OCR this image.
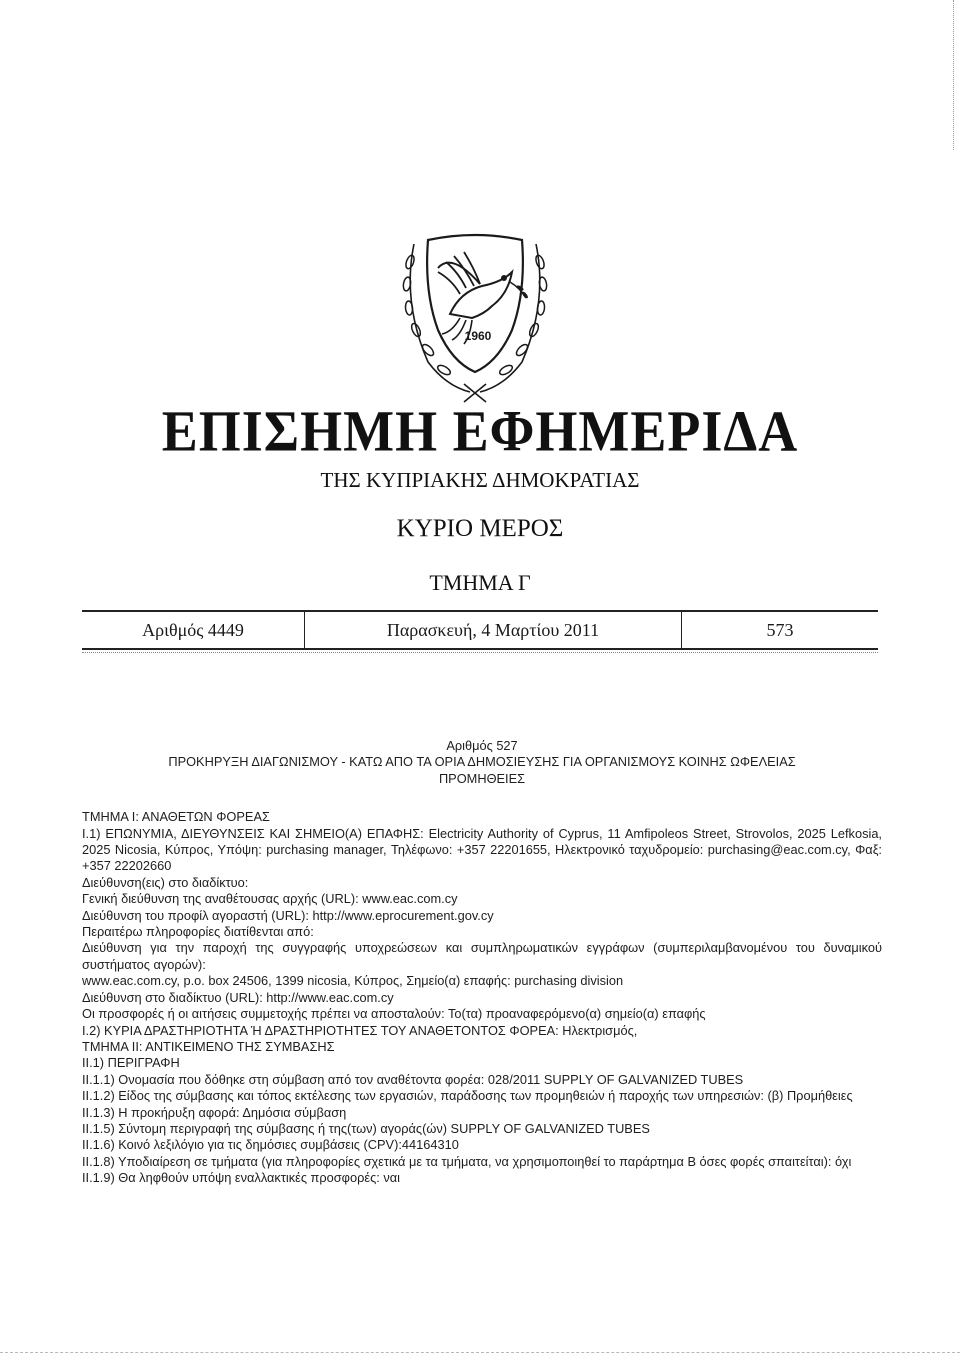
1960
ΕΠΙΣΗΜΗ ΕΦΗΜΕΡΙΔΑ
ΤΗΣ ΚΥΠΡΙΑΚΗΣ ΔΗΜΟΚΡΑΤΙΑΣ
ΚΥΡΙΟ ΜΕΡΟΣ
ΤΜΗΜΑ Γ
Αριθμός 4449	Παρασκευή, 4 Μαρτίου 2011	573

Αριθμός 527

ΠΡΟΚΗΡΥΞΗ ΔΙΑΓΩΝΙΣΜΟΥ - ΚΑΤΩ ΑΠΟ ΤΑ ΟΡΙΑ ΔΗΜΟΣΙΕΥΣΗΣ ΓΙΑ ΟΡΓΑΝΙΣΜΟΥΣ ΚΟΙΝΗΣ ΩΦΕΛΕΙΑΣ

ΠΡΟΜΗΘΕΙΕΣ

ΤΜΗΜΑ Ι: ΑΝΑΘΕΤΩΝ ΦΟΡΕΑΣ

Ι.1) ΕΠΩΝΥΜΙΑ, ΔΙΕΥΘΥΝΣΕΙΣ ΚΑΙ ΣΗΜΕΙΟ(Α) ΕΠΑΦΗΣ: Electricity Authority of Cyprus, 11 Amfipoleos Street, Strovolos, 2025 Lefkosia, 2025 Nicosia, Κύπρος, Υπόψη: purchasing manager, Τηλέφωνο: +357 22201655, Ηλεκτρονικό ταχυδρομείο: purchasing@eac.com.cy, Φαξ: +357 22202660

Διεύθυνση(εις) στο διαδίκτυο:

Γενική διεύθυνση της αναθέτουσας αρχής (URL): www.eac.com.cy

Διεύθυνση του προφίλ αγοραστή (URL): http://www.eprocurement.gov.cy

Περαιτέρω πληροφορίες διατίθενται από:

Διεύθυνση για την παροχή της συγγραφής υποχρεώσεων και συμπληρωματικών εγγράφων (συμπεριλαμβανομένου του δυναμικού συστήματος αγορών):

www.eac.com.cy, p.o. box 24506, 1399 nicosia, Κύπρος, Σημείο(α) επαφής: purchasing division

Διεύθυνση στο διαδίκτυο (URL): http://www.eac.com.cy

Οι προσφορές ή οι αιτήσεις συμμετοχής πρέπει να αποσταλούν: Το(τα) προαναφερόμενο(α) σημείο(α) επαφής

Ι.2) ΚΥΡΙΑ ΔΡΑΣΤΗΡΙΟΤΗΤΑ Ή ΔΡΑΣΤΗΡΙΟΤΗΤΕΣ ΤΟΥ ΑΝΑΘΕΤΟΝΤΟΣ ΦΟΡΕΑ: Ηλεκτρισμός,

ΤΜΗΜΑ ΙΙ: ΑΝΤΙΚΕΙΜΕΝΟ ΤΗΣ ΣΥΜΒΑΣΗΣ

ΙΙ.1) ΠΕΡΙΓΡΑΦΗ

ΙΙ.1.1) Ονομασία που δόθηκε στη σύμβαση από τον αναθέτοντα φορέα: 028/2011 SUPPLY OF GALVANIZED TUBES

ΙΙ.1.2) Είδος της σύμβασης και τόπος εκτέλεσης των εργασιών, παράδοσης των προμηθειών ή παροχής των υπηρεσιών: (β) Προμήθειες

ΙΙ.1.3) Η προκήρυξη αφορά: Δημόσια σύμβαση

ΙΙ.1.5) Σύντομη περιγραφή της σύμβασης ή της(των) αγοράς(ών) SUPPLY OF GALVANIZED TUBES

ΙΙ.1.6) Κοινό λεξιλόγιο για τις δημόσιες συμβάσεις (CPV):44164310

ΙΙ.1.8) Υποδιαίρεση σε τμήματα (για πληροφορίες σχετικά με τα τμήματα, να χρησιμοποιηθεί το παράρτημα Β όσες φορές σπαιτείται): όχι

ΙΙ.1.9) Θα ληφθούν υπόψη εναλλακτικές προσφορές: ναι
